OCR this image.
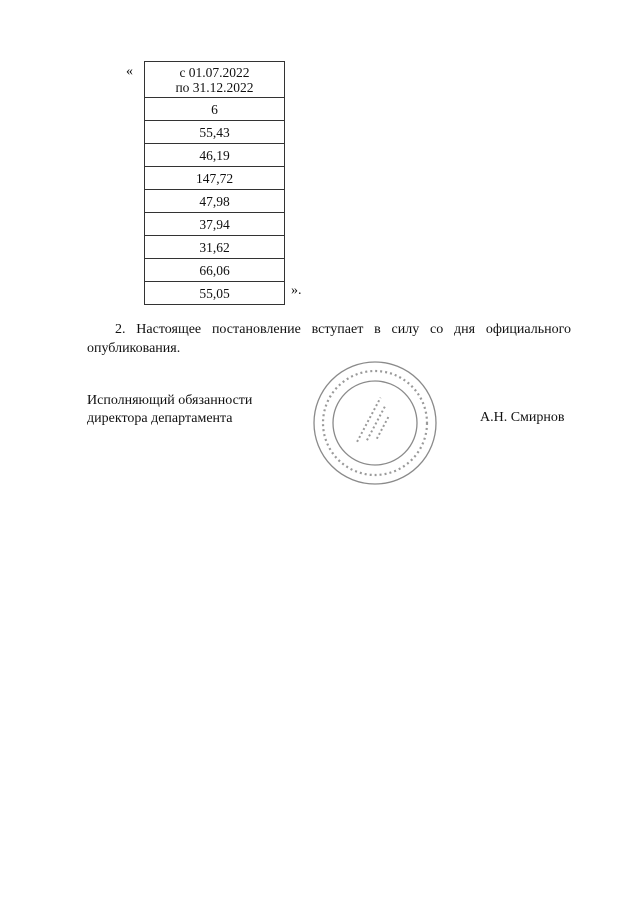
«	с 01.07.2022
по 31.12.2022

6
55,43
46,19
147,72
47,98
37,94
31,62
66,06
55,05	».
2. Настоящее постановление вступает в силу со дня официального опубликования.
Исполняющий обязанности
директора департамента	А.Н. Смирнов
